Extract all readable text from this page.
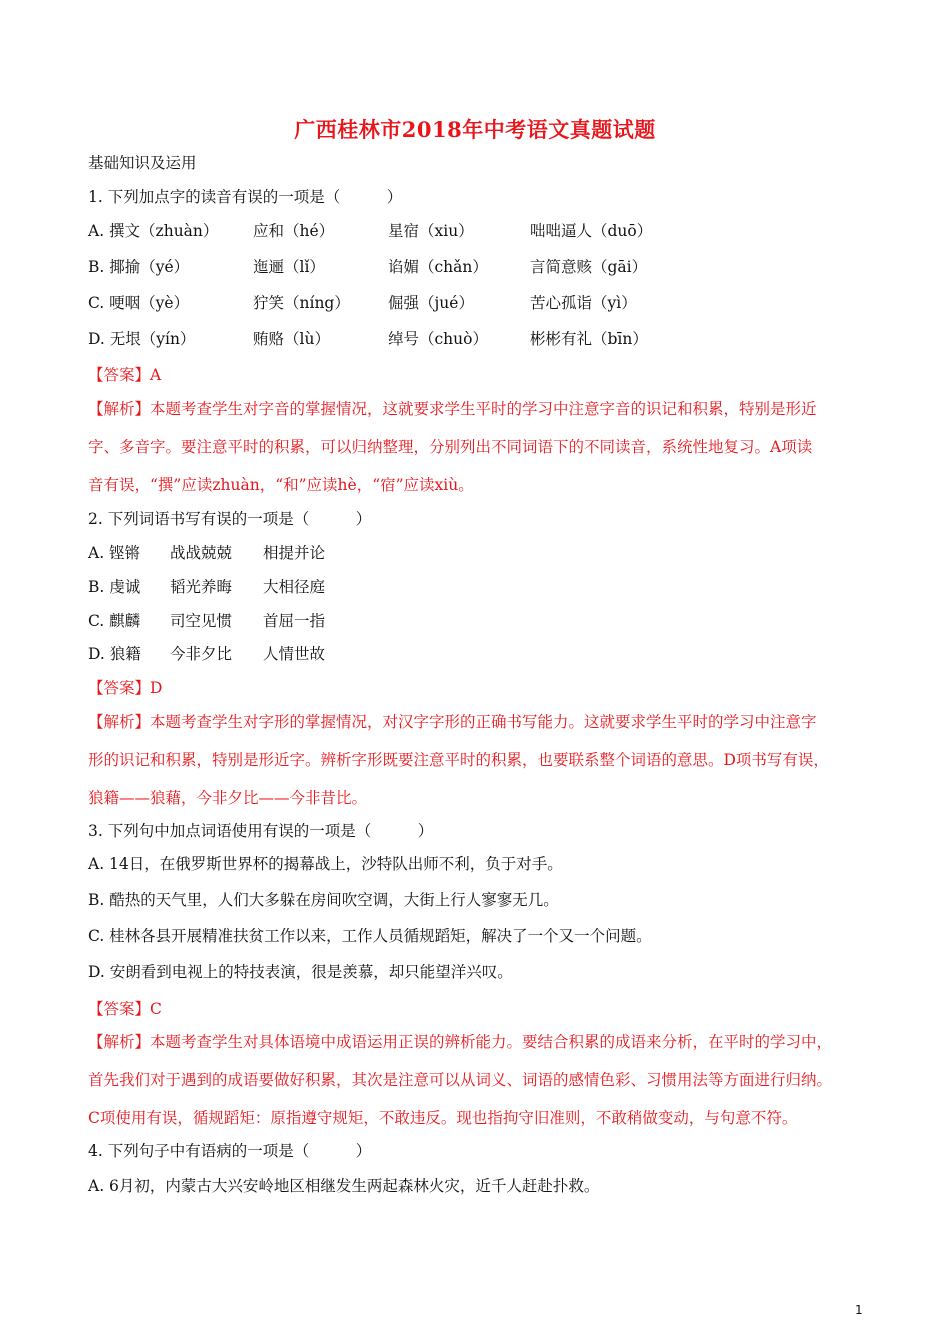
广西桂林市2018年中考语文真题试题
基础知识及运用
1. 下列加点字的读音有误的一项是（　　　）
A. 撰文（zhuàn） 应和（hé）	星宿（xiu）	咄咄逼人（duō）
B. 揶揄（yé）	迤逦（lǐ）	谄媚（chǎn）	言简意赅（gāi）
C. 哽咽（yè）	狞笑（níng） 倔强（jué）	苦心孤诣（yì）
D. 无垠（yín）	贿赂（lù）	绰号（chuò）	彬彬有礼（bīn）
【答案】A
【解析】本题考查学生对字音的掌握情况，这就要求学生平时的学习中注意字音的识记和积累，特别是形近
字、多音字。要注意平时的积累，可以归纳整理，分别列出不同词语下的不同读音，系统性地复习。A项读
音有误，“撰”应读zhuàn，“和”应读hè，“宿”应读xiù。
2. 下列词语书写有误的一项是（　　　）
A. 铿锵 战战兢兢 相提并论
B. 虔诚 韬光养晦 大相径庭
C. 麒麟 司空见惯 首屈一指
D. 狼籍 今非夕比 人情世故
【答案】D
【解析】本题考查学生对字形的掌握情况，对汉字字形的正确书写能力。这就要求学生平时的学习中注意字
形的识记和积累，特别是形近字。辨析字形既要注意平时的积累，也要联系整个词语的意思。D项书写有误，
狼籍——狼藉，今非夕比——今非昔比。
3. 下列句中加点词语使用有误的一项是（　　　）
A. 14日，在俄罗斯世界杯的揭幕战上，沙特队出师不利，负于对手。
B. 酷热的天气里，人们大多躲在房间吹空调，大街上行人寥寥无几。
C. 桂林各县开展精准扶贫工作以来，工作人员循规蹈矩，解决了一个又一个问题。
D. 安朗看到电视上的特技表演，很是羡慕，却只能望洋兴叹。
【答案】C
【解析】本题考查学生对具体语境中成语运用正误的辨析能力。要结合积累的成语来分析，在平时的学习中，
首先我们对于遇到的成语要做好积累，其次是注意可以从词义、词语的感情色彩、习惯用法等方面进行归纳。
C项使用有误，循规蹈矩：原指遵守规矩，不敢违反。现也指拘守旧准则，不敢稍做变动，与句意不符。
4. 下列句子中有语病的一项是（　　　）
A. 6月初，内蒙古大兴安岭地区相继发生两起森林火灾，近千人赶赴扑救。
1
